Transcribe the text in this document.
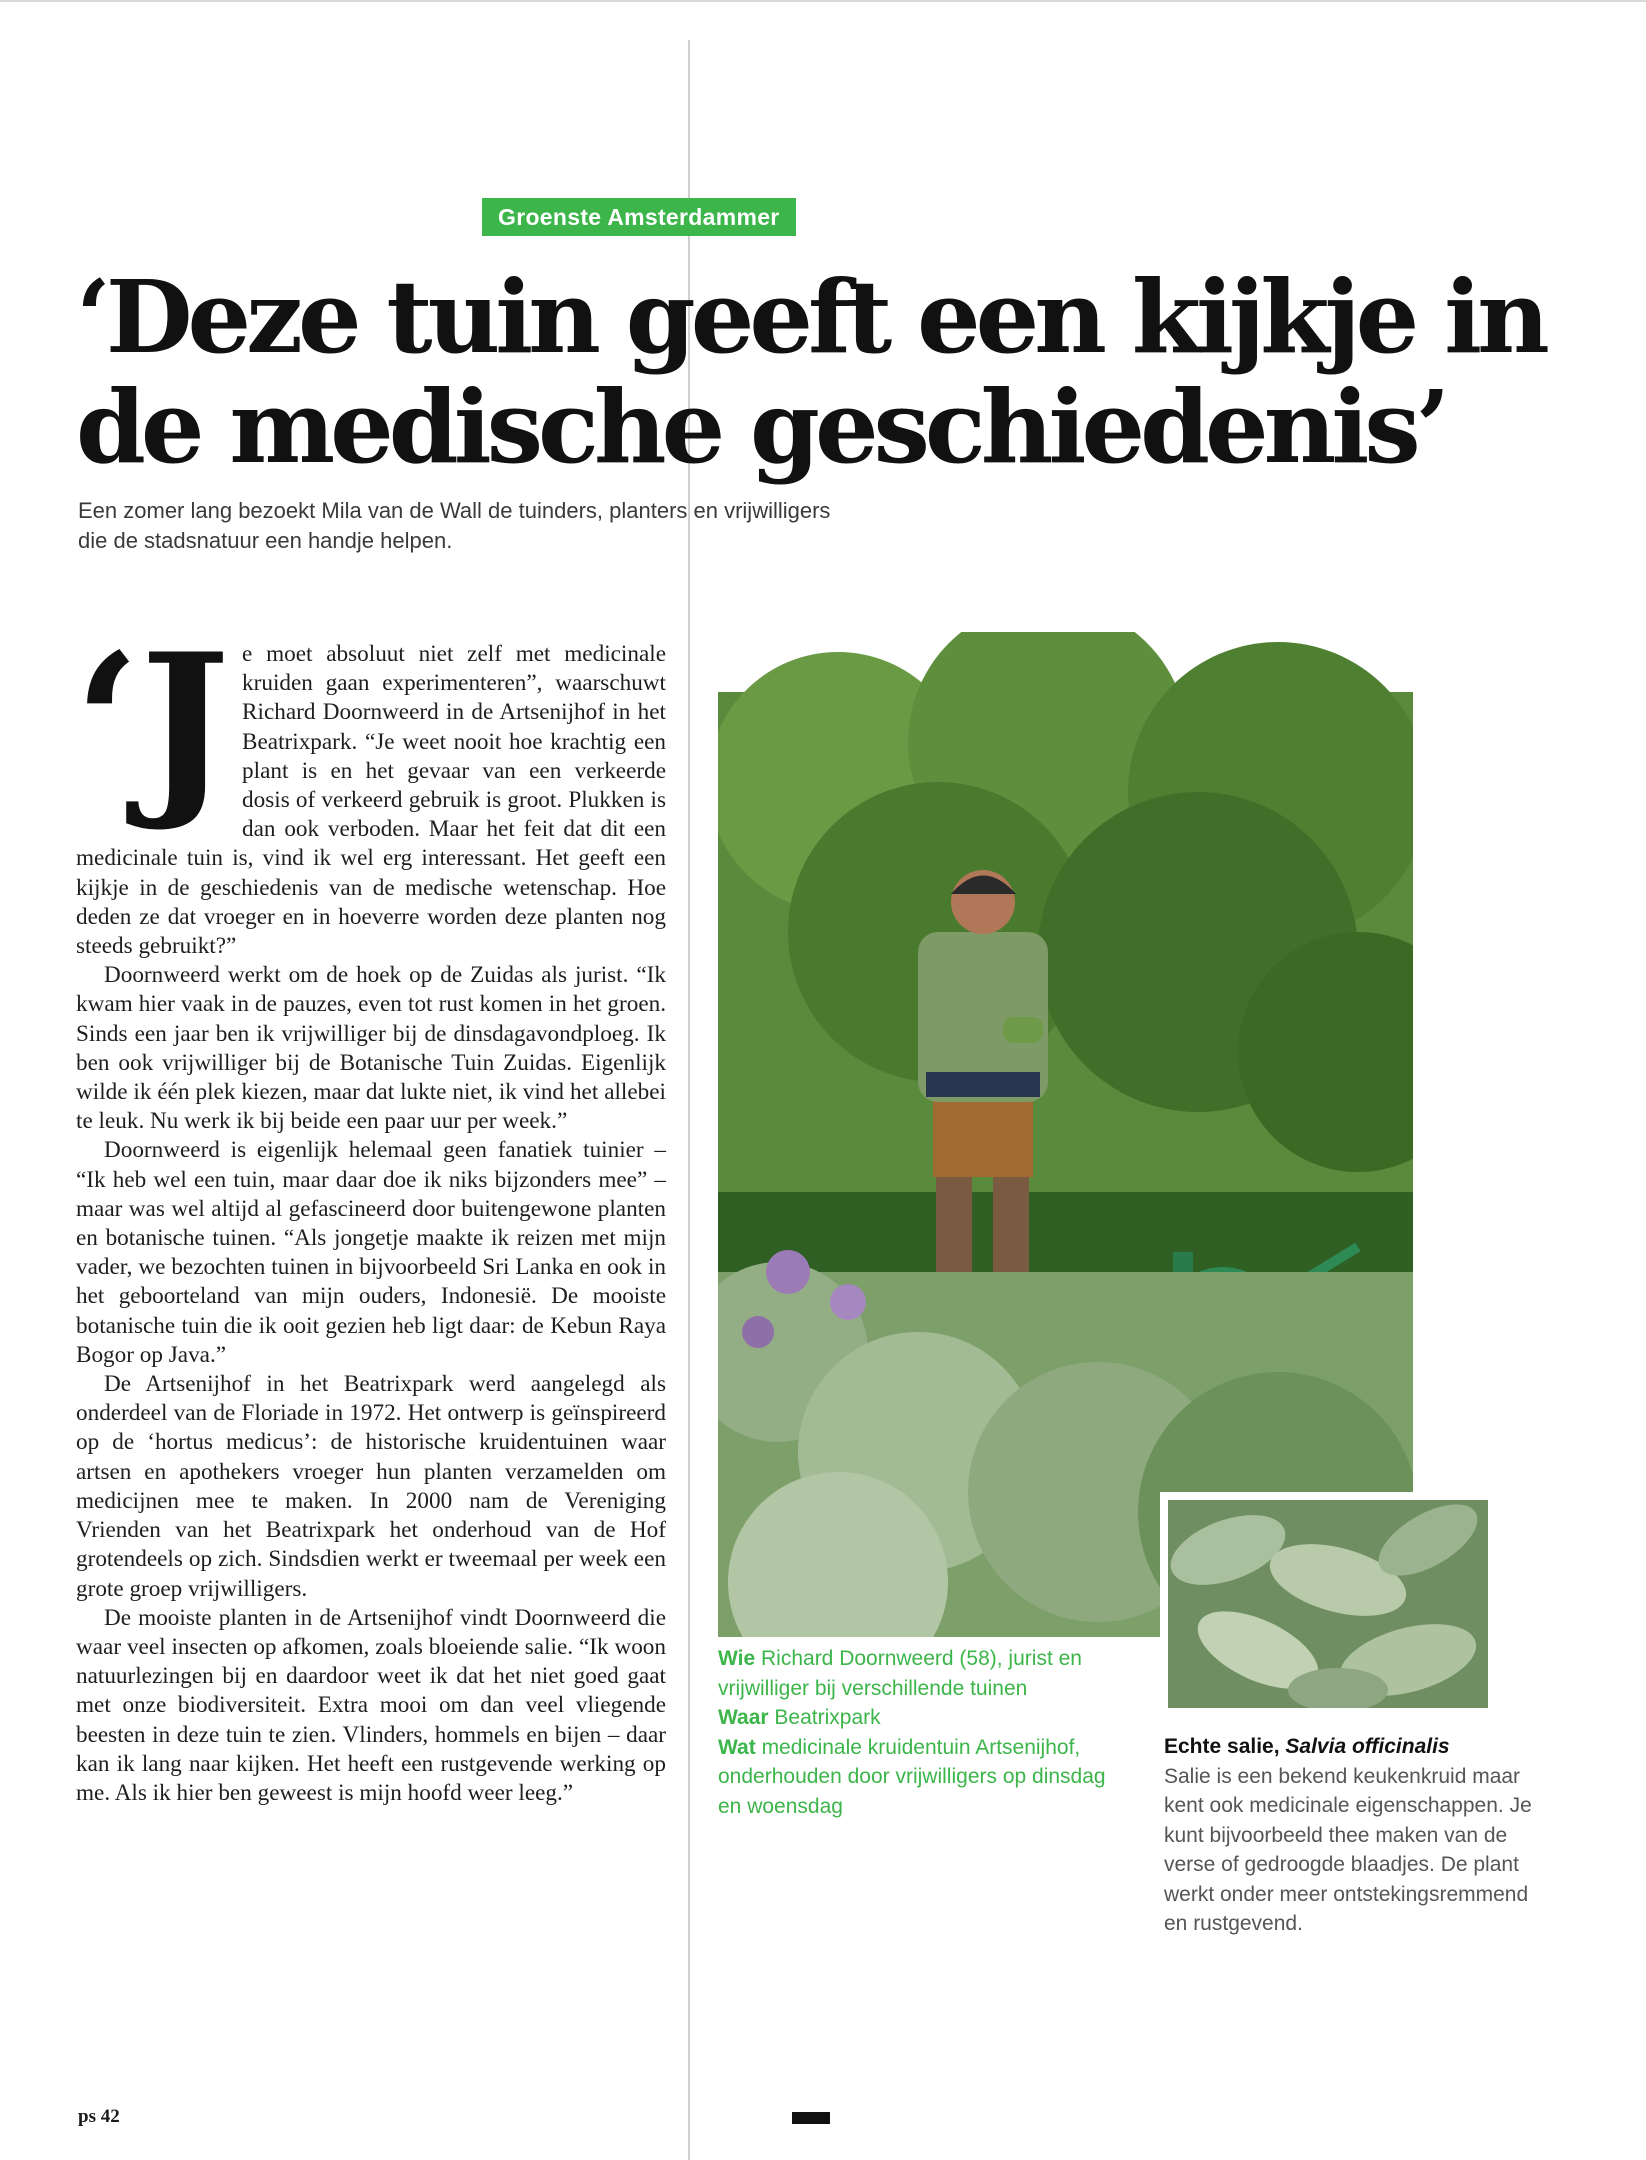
Groenste Amsterdammer
‘Deze tuin geeft een kijkje in
de medische geschiedenis’

Een zomer lang bezoekt Mila van de Wall de tuinders, planters en vrijwilligers die de stadsnatuur een handje helpen.

‘Je moet absoluut niet zelf met medicinale kruiden gaan experimenteren”, waarschuwt Richard Doornweerd in de Artsenijhof in het Beatrixpark. “Je weet nooit hoe krachtig een plant is en het gevaar van een verkeerde dosis of verkeerd gebruik is groot. Plukken is dan ook verboden. Maar het feit dat dit een medicinale tuin is, vind ik wel erg interessant. Het geeft een kijkje in de geschiedenis van de medische wetenschap. Hoe deden ze dat vroeger en in hoeverre worden deze planten nog steeds gebruikt?”

Doornweerd werkt om de hoek op de Zuidas als jurist. “Ik kwam hier vaak in de pauzes, even tot rust komen in het groen. Sinds een jaar ben ik vrijwilliger bij de dinsdagavondploeg. Ik ben ook vrijwilliger bij de Botanische Tuin Zuidas. Eigenlijk wilde ik één plek kiezen, maar dat lukte niet, ik vind het allebei te leuk. Nu werk ik bij beide een paar uur per week.”

Doornweerd is eigenlijk helemaal geen fanatiek tuinier – “Ik heb wel een tuin, maar daar doe ik niks bijzonders mee” – maar was wel altijd al gefascineerd door buitengewone planten en botanische tuinen. “Als jongetje maakte ik reizen met mijn vader, we bezochten tuinen in bijvoorbeeld Sri Lanka en ook in het geboorteland van mijn ouders, Indonesië. De mooiste botanische tuin die ik ooit gezien heb ligt daar: de Kebun Raya Bogor op Java.”

De Artsenijhof in het Beatrixpark werd aangelegd als onderdeel van de Floriade in 1972. Het ontwerp is geïnspireerd op de ‘hortus medicus’: de historische kruidentuinen waar artsen en apothekers vroeger hun planten verzamelden om medicijnen mee te maken. In 2000 nam de Vereniging Vrienden van het Beatrixpark het onderhoud van de Hof grotendeels op zich. Sindsdien werkt er tweemaal per week een grote groep vrijwilligers.

De mooiste planten in de Artsenijhof vindt Doornweerd die waar veel insecten op afkomen, zoals bloeiende salie. “Ik woon natuurlezingen bij en daardoor weet ik dat het niet goed gaat met onze biodiversiteit. Extra mooi om dan veel vliegende beesten in deze tuin te zien. Vlinders, hommels en bijen – daar kan ik lang naar kijken. Het heeft een rustgevende werking op me. Als ik hier ben geweest is mijn hoofd weer leeg.”

Wie Richard Doornweerd (58), jurist en vrijwilliger bij verschillende tuinen
Waar Beatrixpark
Wat medicinale kruidentuin Artsenijhof, onderhouden door vrijwilligers op dinsdag en woensdag
Echte salie, Salvia officinalis
Salie is een bekend keukenkruid maar kent ook medicinale eigenschappen. Je kunt bijvoorbeeld thee maken van de verse of gedroogde blaadjes. De plant werkt onder meer ontstekingsremmend en rustgevend.
ps 42
